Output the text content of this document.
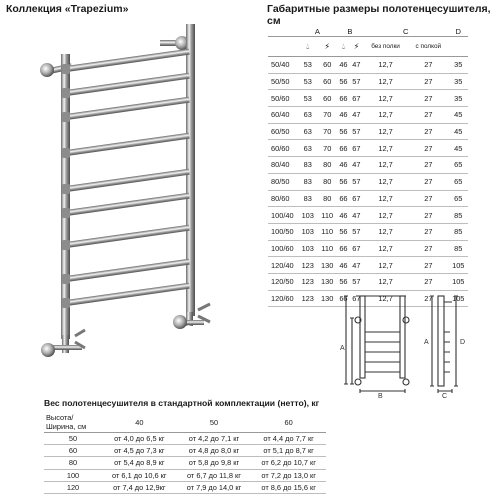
Коллекция «Trapezium»	Габаритные размеры полотенцесушителя, см
	A		B		C		D
	💧︎	⚡︎	💧︎	⚡︎	без полки	с полкой	
50/40	53	60	46	47	12,7	27	35
50/50	53	60	56	57	12,7	27	35
50/60	53	60	66	67	12,7	27	35
60/40	63	70	46	47	12,7	27	45
60/50	63	70	56	57	12,7	27	45
60/60	63	70	66	67	12,7	27	45
80/40	83	80	46	47	12,7	27	65
80/50	83	80	56	57	12,7	27	65
80/60	83	80	66	67	12,7	27	65
100/40	103	110	46	47	12,7	27	85
100/50	103	110	56	57	12,7	27	85
100/60	103	110	66	67	12,7	27	85
120/40	123	130	46	47	12,7	27	105
120/50	123	130	56	57	12,7	27	105
120/60	123	130	66	67	12,7	27	105
A
B	C
D
A
Вес полотенцесушителя в стандартной комплектации (нетто), кг
Высота/Ширина, см	40	50	60
50	от 4,0 до 6,5 кг	от 4,2 до 7,1 кг	от 4,4 до 7,7 кг
60	от 4,5 до 7,3 кг	от 4,8 до 8,0 кг	от 5,1 до 8,7 кг
80	от 5,4 до 8,9 кг	от 5,8 до 9,8 кг	от 6,2 до 10,7 кг
100	от 6,1 до 10,6 кг	от 6,7 до 11,8 кг	от 7,2 до 13,0 кг
120	от 7,4 до 12,9кг	от 7,9 до 14,0 кг	от 8,6 до 15,6 кг
